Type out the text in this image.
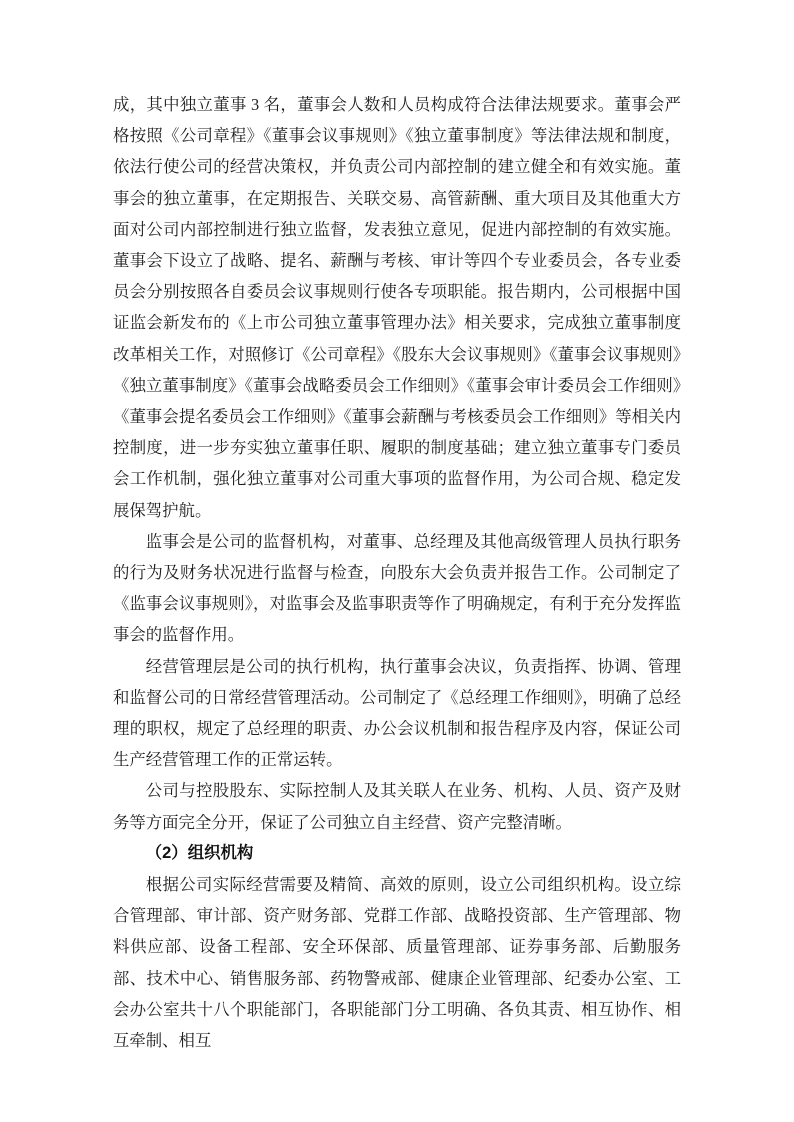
成，其中独立董事 3 名，董事会人数和人员构成符合法律法规要求。董事会严格按照《公司章程》《董事会议事规则》《独立董事制度》等法律法规和制度，依法行使公司的经营决策权，并负责公司内部控制的建立健全和有效实施。董事会的独立董事，在定期报告、关联交易、高管薪酬、重大项目及其他重大方面对公司内部控制进行独立监督，发表独立意见，促进内部控制的有效实施。董事会下设立了战略、提名、薪酬与考核、审计等四个专业委员会，各专业委员会分别按照各自委员会议事规则行使各专项职能。报告期内，公司根据中国证监会新发布的《上市公司独立董事管理办法》相关要求，完成独立董事制度改革相关工作，对照修订《公司章程》《股东大会议事规则》《董事会议事规则》《独立董事制度》《董事会战略委员会工作细则》《董事会审计委员会工作细则》《董事会提名委员会工作细则》《董事会薪酬与考核委员会工作细则》等相关内控制度，进一步夯实独立董事任职、履职的制度基础；建立独立董事专门委员会工作机制，强化独立董事对公司重大事项的监督作用，为公司合规、稳定发展保驾护航。

监事会是公司的监督机构，对董事、总经理及其他高级管理人员执行职务的行为及财务状况进行监督与检查，向股东大会负责并报告工作。公司制定了《监事会议事规则》，对监事会及监事职责等作了明确规定，有利于充分发挥监事会的监督作用。

经营管理层是公司的执行机构，执行董事会决议，负责指挥、协调、管理和监督公司的日常经营管理活动。公司制定了《总经理工作细则》，明确了总经理的职权，规定了总经理的职责、办公会议机制和报告程序及内容，保证公司生产经营管理工作的正常运转。

公司与控股股东、实际控制人及其关联人在业务、机构、人员、资产及财务等方面完全分开，保证了公司独立自主经营、资产完整清晰。

（2）组织机构

根据公司实际经营需要及精简、高效的原则，设立公司组织机构。设立综合管理部、审计部、资产财务部、党群工作部、战略投资部、生产管理部、物料供应部、设备工程部、安全环保部、质量管理部、证券事务部、后勤服务部、技术中心、销售服务部、药物警戒部、健康企业管理部、纪委办公室、工会办公室共十八个职能部门，各职能部门分工明确、各负其责、相互协作、相互牵制、相互
